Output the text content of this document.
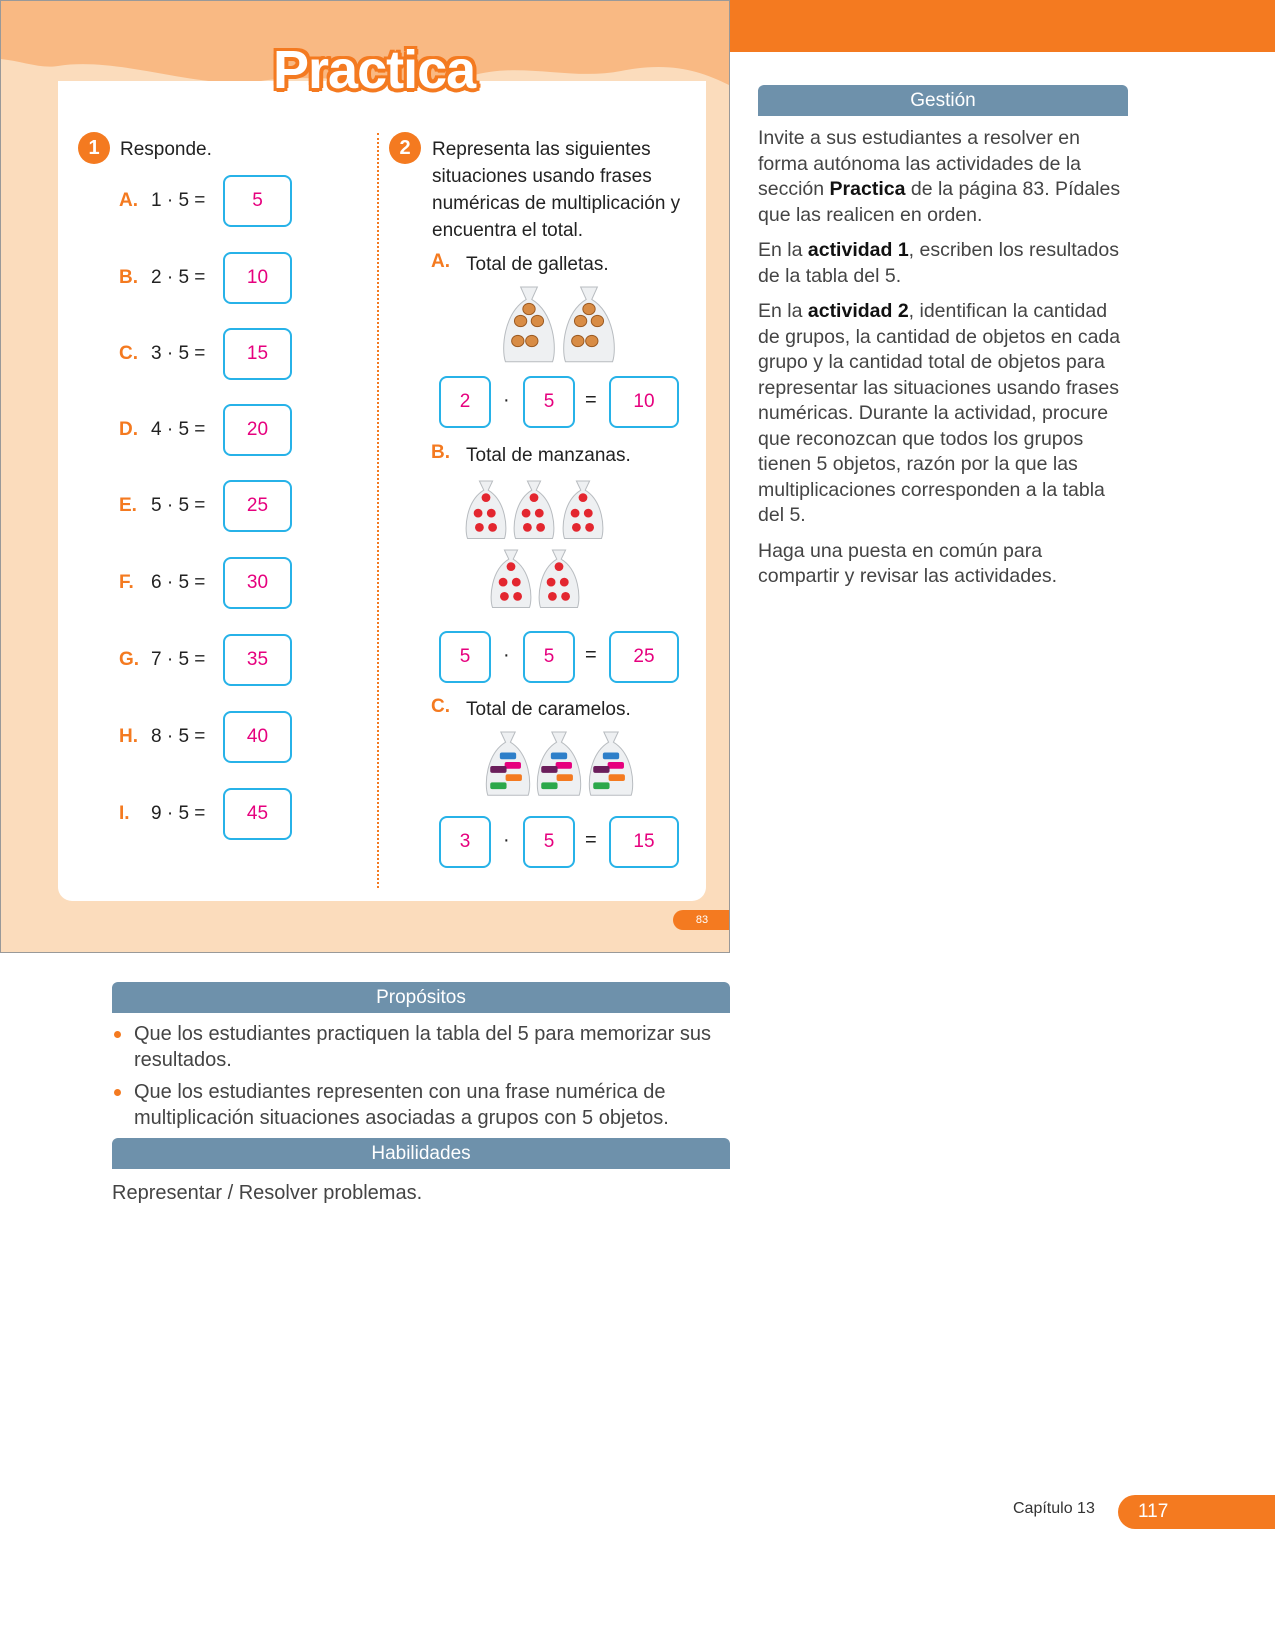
Practica
83
1	Responde.
A. 1 · 5 =	5
B. 2 · 5 =	10
C. 3 · 5 =	15
D. 4 · 5 =	20
E. 5 · 5 =	25
F. 6 · 5 =	30
G. 7 · 5 =	35
H. 8 · 5 =	40
I. 9 · 5 =	45
2	Representa las siguientes situaciones usando frases numéricas de multiplicación y encuentra el total.
A. Total de galletas.
2	·	5	=	10
B. Total de manzanas.
5	·	5	=	25
C. Total de caramelos.
3	·	5	=	15
Gestión

Invite a sus estudiantes a resolver en forma autónoma las actividades de la sección Practica de la página 83. Pídales que las realicen en orden.

En la actividad 1, escriben los resultados de la tabla del 5.

En la actividad 2, identifican la cantidad de grupos, la cantidad de objetos en cada grupo y la cantidad total de objetos para representar las situaciones usando frases numéricas. Durante la actividad, procure que reconozcan que todos los grupos tienen 5 objetos, razón por la que las multiplicaciones corresponden a la tabla del 5.

Haga una puesta en común para compartir y revisar las actividades.

Propósitos
Que los estudiantes practiquen la tabla del 5 para memorizar sus resultados.
Que los estudiantes representen con una frase numérica de multiplicación situaciones asociadas a grupos con 5 objetos.
Habilidades

Representar / Resolver problemas.

Capítulo 13	117
